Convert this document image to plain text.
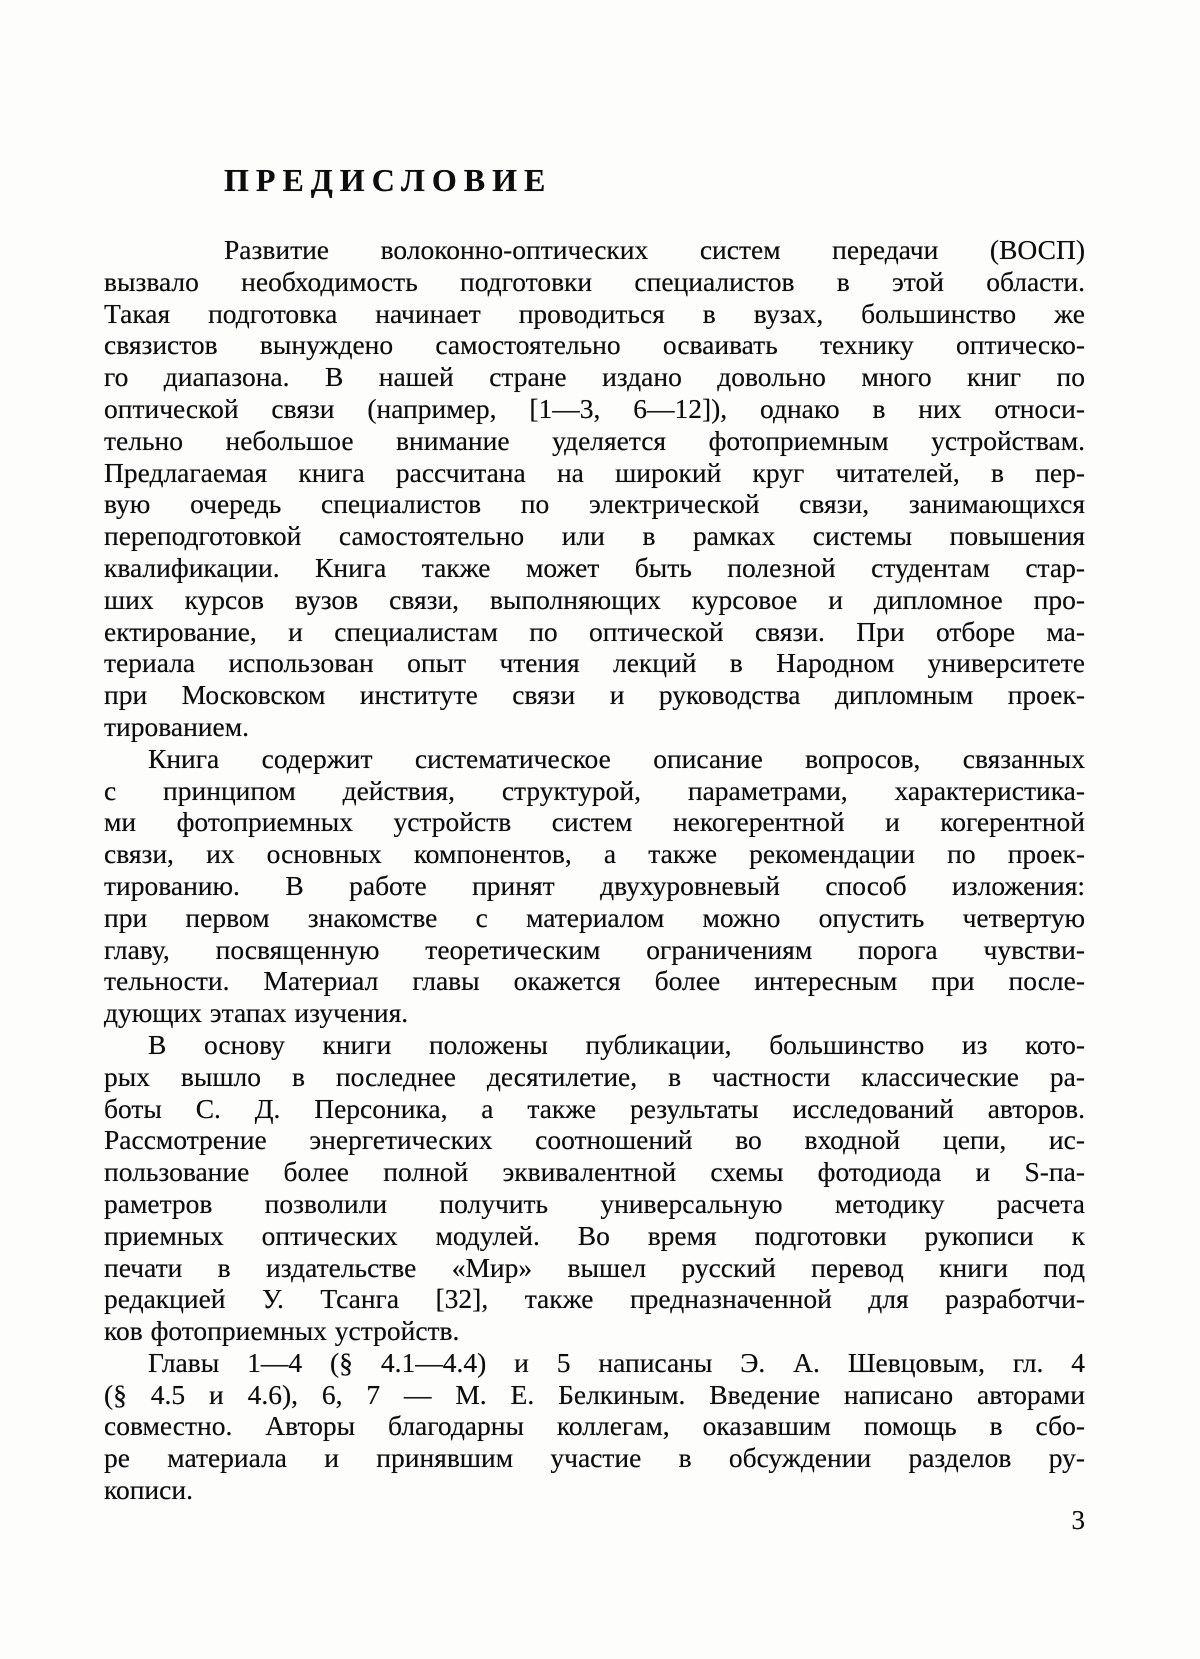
ПРЕДИСЛОВИЕ
Развитие волоконно-оптических систем передачи (ВОСП)
вызвало необходимость подготовки специалистов в этой области.
Такая подготовка начинает проводиться в вузах, большинство же
связистов вынуждено самостоятельно осваивать технику оптическо-
го диапазона. В нашей стране издано довольно много книг по
оптической связи (например, [1—3, 6—12]), однако в них относи-
тельно небольшое внимание уделяется фотоприемным устройствам.
Предлагаемая книга рассчитана на широкий круг читателей, в пер-
вую очередь специалистов по электрической связи, занимающихся
переподготовкой самостоятельно или в рамках системы повышения
квалификации. Книга также может быть полезной студентам стар-
ших курсов вузов связи, выполняющих курсовое и дипломное про-
ектирование, и специалистам по оптической связи. При отборе ма-
териала использован опыт чтения лекций в Народном университете
при Московском институте связи и руководства дипломным проек-
тированием.
Книга содержит систематическое описание вопросов, связанных
с принципом действия, структурой, параметрами, характеристика-
ми фотоприемных устройств систем некогерентной и когерентной
связи, их основных компонентов, а также рекомендации по проек-
тированию. В работе принят двухуровневый способ изложения:
при первом знакомстве с материалом можно опустить четвертую
главу, посвященную теоретическим ограничениям порога чувстви-
тельности. Материал главы окажется более интересным при после-
дующих этапах изучения.
В основу книги положены публикации, большинство из кото-
рых вышло в последнее десятилетие, в частности классические ра-
боты С. Д. Персоника, а также результаты исследований авторов.
Рассмотрение энергетических соотношений во входной цепи, ис-
пользование более полной эквивалентной схемы фотодиода и S-па-
раметров позволили получить универсальную методику расчета
приемных оптических модулей. Во время подготовки рукописи к
печати в издательстве «Мир» вышел русский перевод книги под
редакцией У. Тсанга [32], также предназначенной для разработчи-
ков фотоприемных устройств.
Главы 1—4 (§ 4.1—4.4) и 5 написаны Э. А. Шевцовым, гл. 4
(§ 4.5 и 4.6), 6, 7 — М. Е. Белкиным. Введение написано авторами
совместно. Авторы благодарны коллегам, оказавшим помощь в сбо-
ре материала и принявшим участие в обсуждении разделов ру-
кописи.
3
